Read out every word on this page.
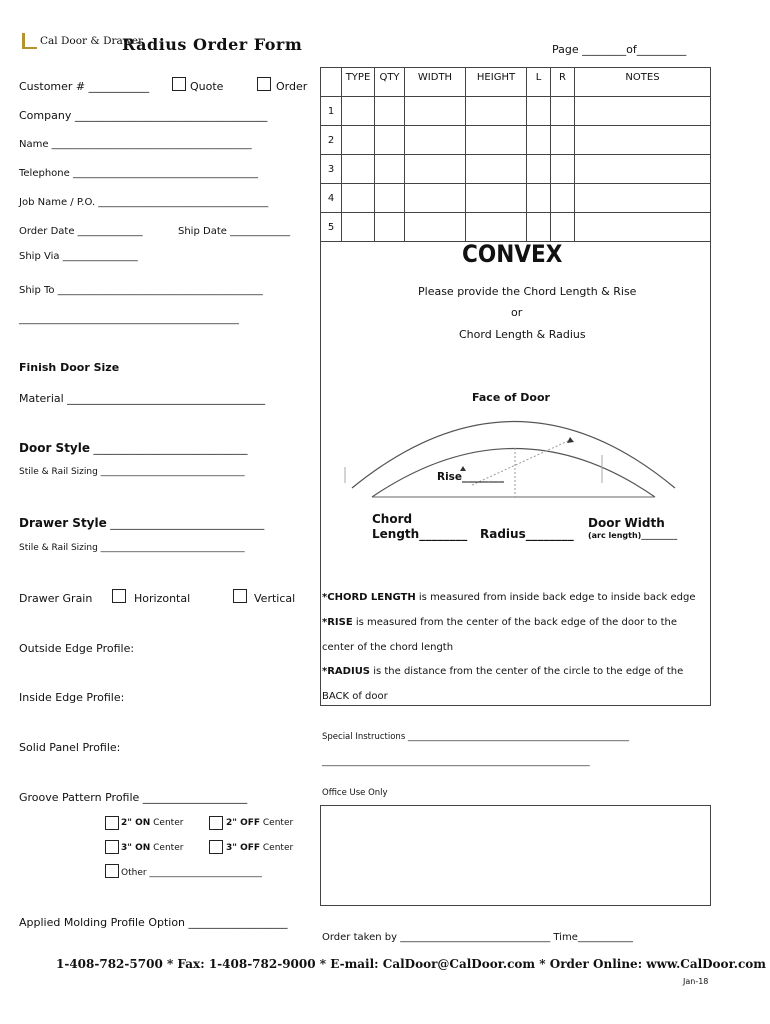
Cal Door & Drawer
Radius Order Form	Page ________of_________
Customer # ___________	Quote	Order
Company ___________________________________
Name ________________________________________
Telephone _____________________________________
Job Name / P.O. __________________________________
Order Date _____________	Ship Date ____________
Ship Via _______________
Ship To _________________________________________
____________________________________________
Finish Door Size
Material ____________________________________
Door Style ____________________________
Stile & Rail Sizing ________________________________
Drawer Style ____________________________
Stile & Rail Sizing ________________________________
Drawer Grain	Horizontal	Vertical
Outside Edge Profile:
Inside Edge Profile:
Solid Panel Profile:
Groove Pattern Profile ___________________
2" ON Center	2" OFF Center
3" ON Center	3" OFF Center
Other _________________________
Applied Molding Profile Option __________________
	TYPE	QTY	WIDTH	HEIGHT	L	R	NOTES
1							
2							
3							
4							
5							
CONVEX
Please provide the Chord Length & Rise
or
Chord Length & Radius
Face of Door
Rise________
Chord
Length________ Radius________
Door Width
(arc length)_________
*CHORD LENGTH is measured from inside back edge to inside back edge
*RISE is measured from the center of the back edge of the door to the
center of the chord length
*RADIUS is the distance from the center of the circle to the edge of the
BACK of door
Special Instructions ____________________________________________________
_______________________________________________________________
Office Use Only
Order taken by ______________________________ Time___________
1-408-782-5700 * Fax: 1-408-782-9000 * E-mail: CalDoor@CalDoor.com * Order Online: www.CalDoor.com
Jan-18
